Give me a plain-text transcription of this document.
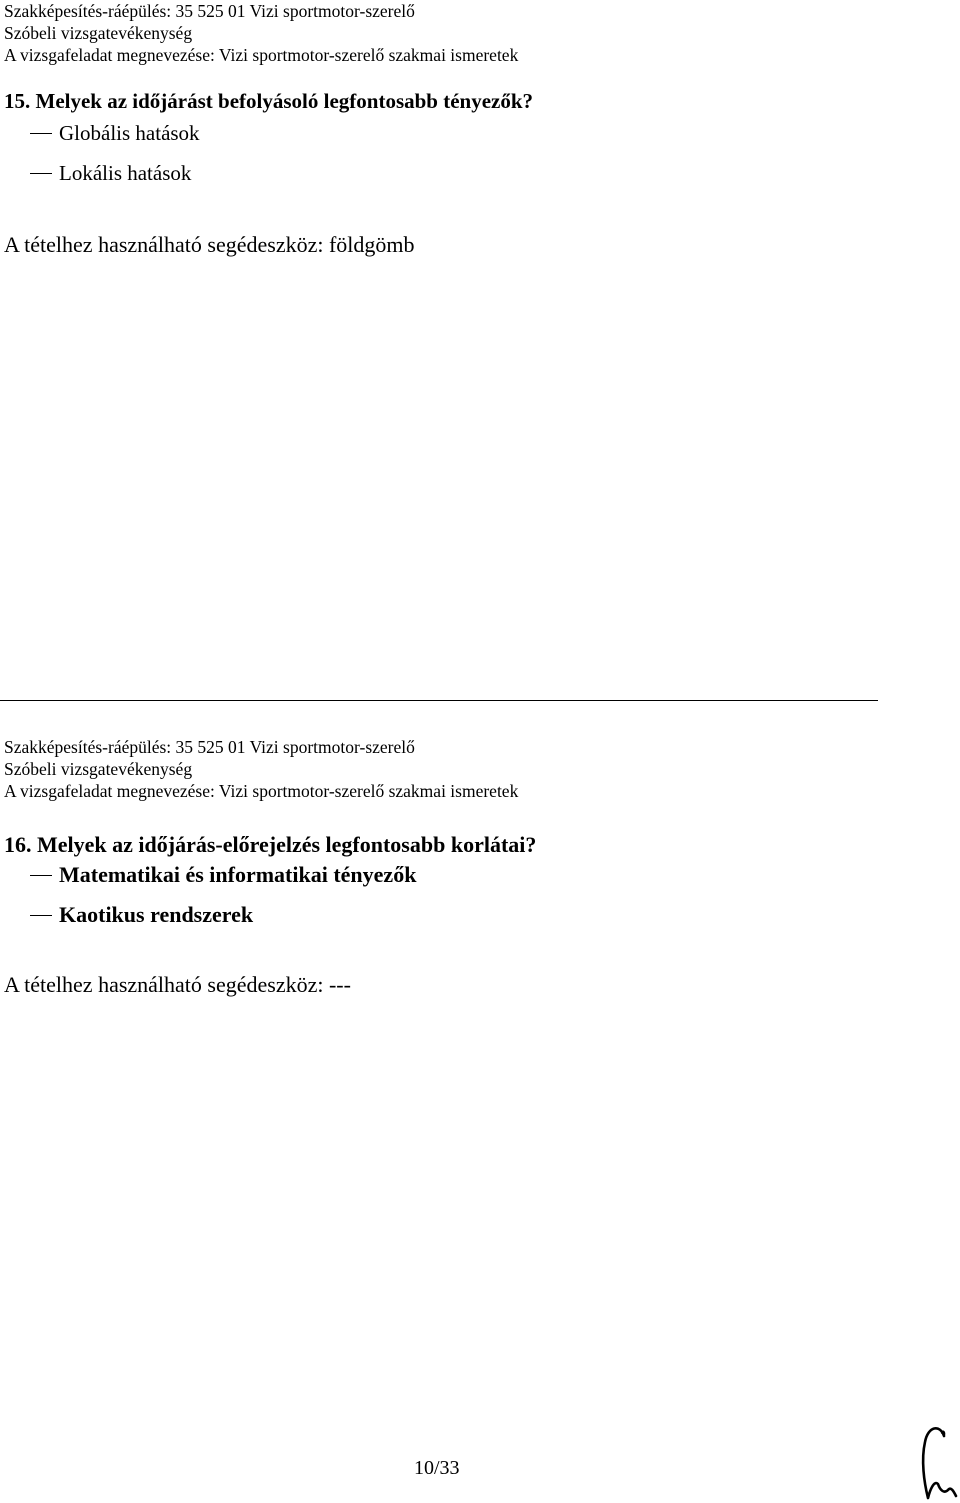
Szakképesítés-ráépülés: 35 525 01 Vizi sportmotor-szerelő
Szóbeli vizsgatevékenység
A vizsgafeladat megnevezése: Vizi sportmotor-szerelő szakmai ismeretek
15. Melyek az időjárást befolyásoló legfontosabb tényezők?
Globális hatások
Lokális hatások
A tételhez használható segédeszköz: földgömb
Szakképesítés-ráépülés: 35 525 01 Vizi sportmotor-szerelő
Szóbeli vizsgatevékenység
A vizsgafeladat megnevezése: Vizi sportmotor-szerelő szakmai ismeretek
16. Melyek az időjárás-előrejelzés legfontosabb korlátai?
Matematikai és informatikai tényezők
Kaotikus rendszerek
A tételhez használható segédeszköz: ---
10/33
